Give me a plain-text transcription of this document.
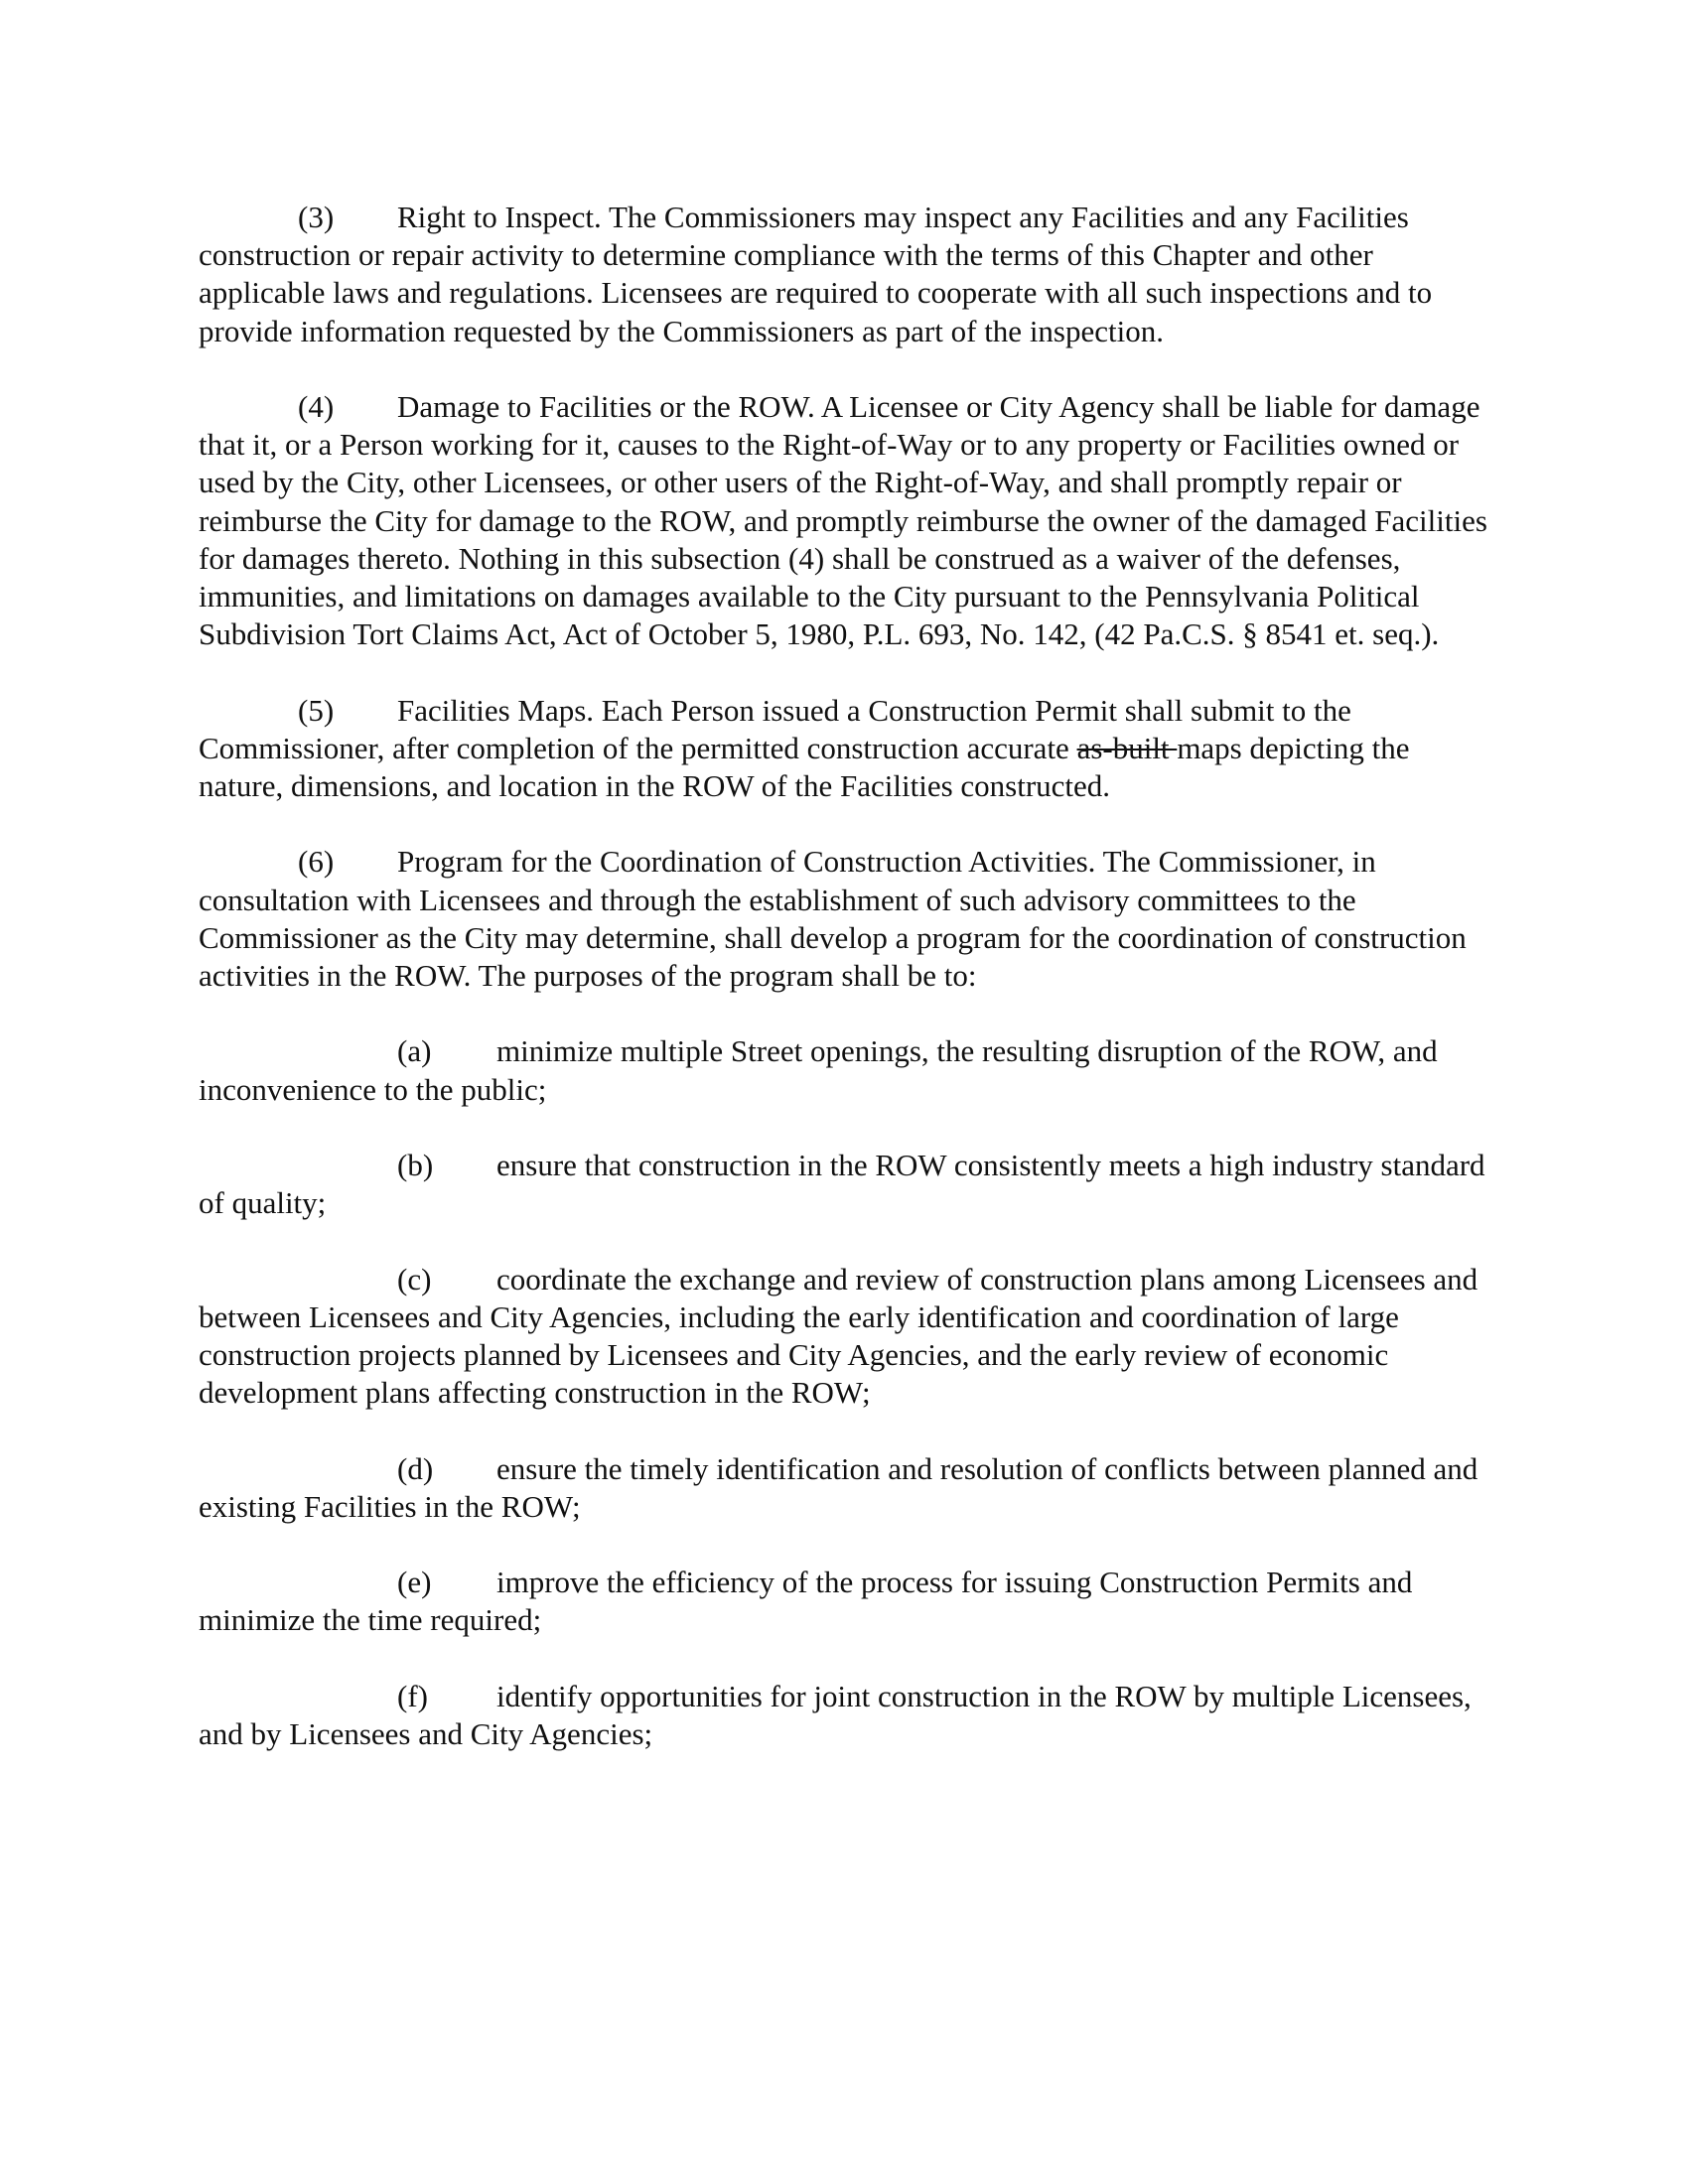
(3) Right to Inspect. The Commissioners may inspect any Facilities and any Facilities construction or repair activity to determine compliance with the terms of this Chapter and other applicable laws and regulations. Licensees are required to cooperate with all such inspections and to provide information requested by the Commissioners as part of the inspection.

(4) Damage to Facilities or the ROW. A Licensee or City Agency shall be liable for damage that it, or a Person working for it, causes to the Right-of-Way or to any property or Facilities owned or used by the City, other Licensees, or other users of the Right-of-Way, and shall promptly repair or reimburse the City for damage to the ROW, and promptly reimburse the owner of the damaged Facilities for damages thereto. Nothing in this subsection (4) shall be construed as a waiver of the defenses, immunities, and limitations on damages available to the City pursuant to the Pennsylvania Political Subdivision Tort Claims Act, Act of October 5, 1980, P.L. 693, No. 142, (42 Pa.C.S. § 8541 et. seq.).

(5) Facilities Maps. Each Person issued a Construction Permit shall submit to the Commissioner, after completion of the permitted construction accurate as-built maps depicting the nature, dimensions, and location in the ROW of the Facilities constructed.

(6) Program for the Coordination of Construction Activities. The Commissioner, in consultation with Licensees and through the establishment of such advisory committees to the Commissioner as the City may determine, shall develop a program for the coordination of construction activities in the ROW. The purposes of the program shall be to:

(a) minimize multiple Street openings, the resulting disruption of the ROW, and inconvenience to the public;

(b) ensure that construction in the ROW consistently meets a high industry standard of quality;

(c) coordinate the exchange and review of construction plans among Licensees and between Licensees and City Agencies, including the early identification and coordination of large construction projects planned by Licensees and City Agencies, and the early review of economic development plans affecting construction in the ROW;

(d) ensure the timely identification and resolution of conflicts between planned and existing Facilities in the ROW;

(e) improve the efficiency of the process for issuing Construction Permits and minimize the time required;

(f) identify opportunities for joint construction in the ROW by multiple Licensees, and by Licensees and City Agencies;
